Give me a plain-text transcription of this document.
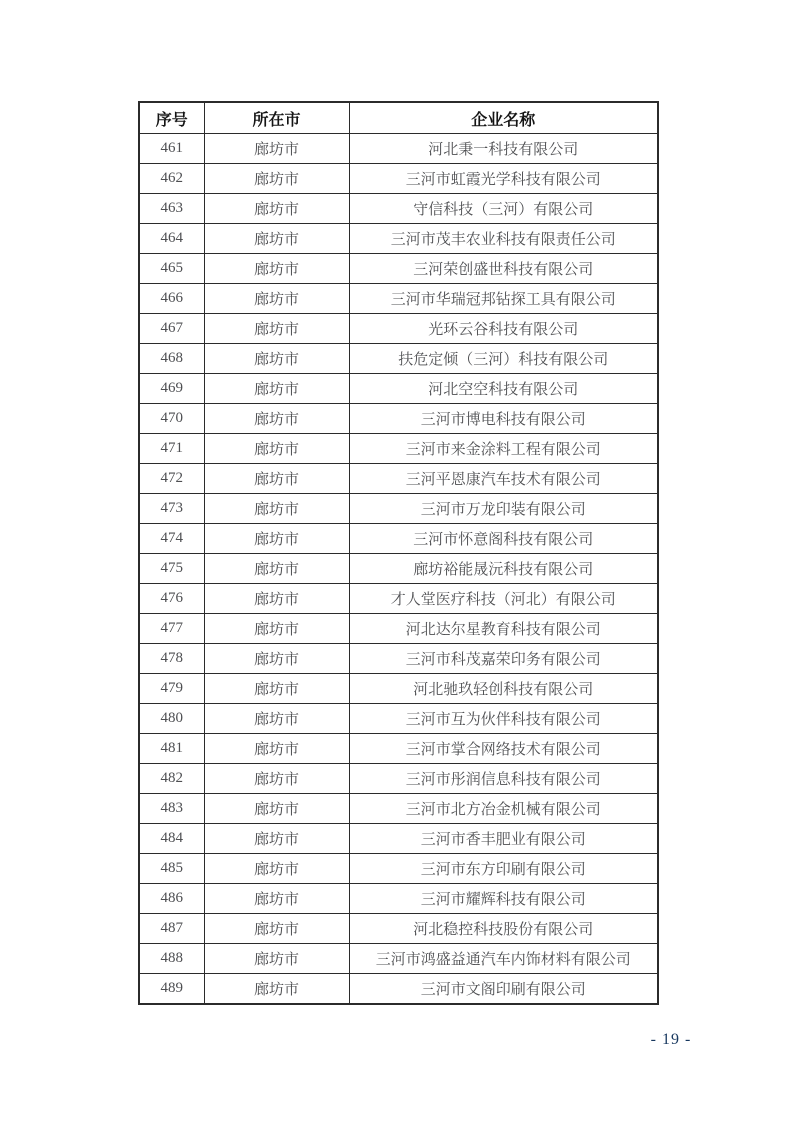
序号	所在市	企业名称
461	廊坊市	河北秉一科技有限公司
462	廊坊市	三河市虹霞光学科技有限公司
463	廊坊市	守信科技（三河）有限公司
464	廊坊市	三河市茂丰农业科技有限责任公司
465	廊坊市	三河荣创盛世科技有限公司
466	廊坊市	三河市华瑞冠邦钻探工具有限公司
467	廊坊市	光环云谷科技有限公司
468	廊坊市	扶危定倾（三河）科技有限公司
469	廊坊市	河北空空科技有限公司
470	廊坊市	三河市博电科技有限公司
471	廊坊市	三河市来金涂料工程有限公司
472	廊坊市	三河平恩康汽车技术有限公司
473	廊坊市	三河市万龙印装有限公司
474	廊坊市	三河市怀意阁科技有限公司
475	廊坊市	廊坊裕能晟沅科技有限公司
476	廊坊市	才人堂医疗科技（河北）有限公司
477	廊坊市	河北达尔星教育科技有限公司
478	廊坊市	三河市科茂嘉荣印务有限公司
479	廊坊市	河北驰玖轻创科技有限公司
480	廊坊市	三河市互为伙伴科技有限公司
481	廊坊市	三河市掌合网络技术有限公司
482	廊坊市	三河市彤润信息科技有限公司
483	廊坊市	三河市北方冶金机械有限公司
484	廊坊市	三河市香丰肥业有限公司
485	廊坊市	三河市东方印刷有限公司
486	廊坊市	三河市耀辉科技有限公司
487	廊坊市	河北稳控科技股份有限公司
488	廊坊市	三河市鸿盛益通汽车内饰材料有限公司
489	廊坊市	三河市文阁印刷有限公司
- 19 -
